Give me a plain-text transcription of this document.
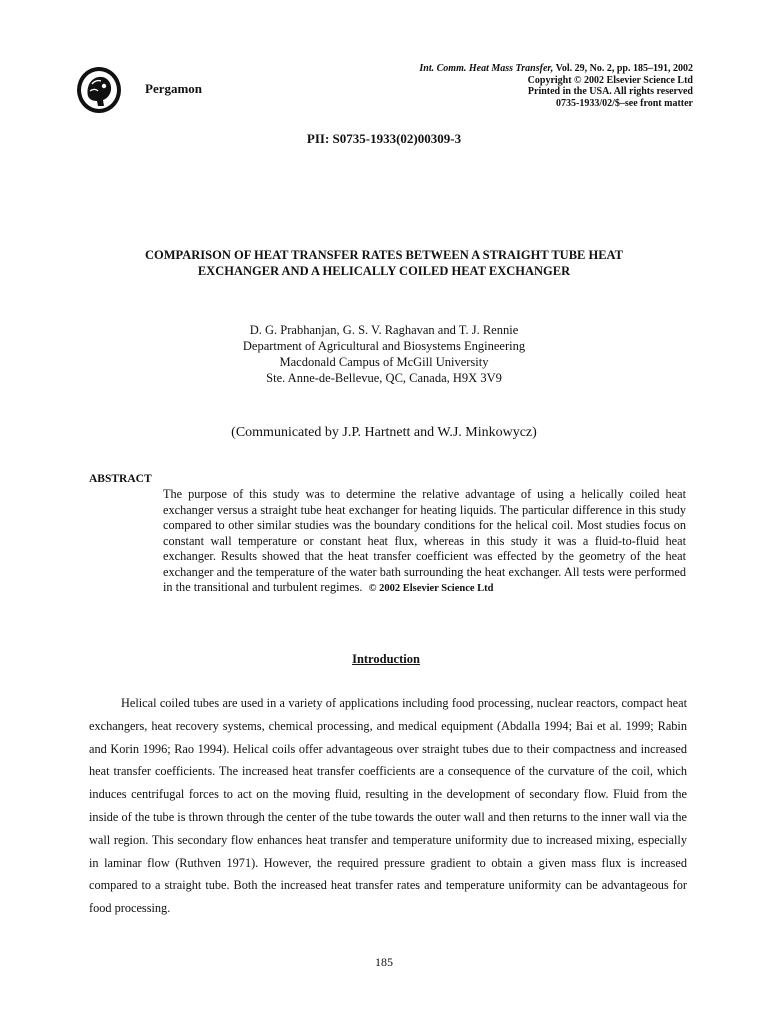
Pergamon
Int. Comm. Heat Mass Transfer, Vol. 29, No. 2, pp. 185–191, 2002
Copyright © 2002 Elsevier Science Ltd
Printed in the USA. All rights reserved
0735-1933/02/$–see front matter
PII: S0735-1933(02)00309-3
COMPARISON OF HEAT TRANSFER RATES BETWEEN A STRAIGHT TUBE HEAT
EXCHANGER AND A HELICALLY COILED HEAT EXCHANGER
D. G. Prabhanjan, G. S. V. Raghavan and T. J. Rennie
Department of Agricultural and Biosystems Engineering
Macdonald Campus of McGill University
Ste. Anne-de-Bellevue, QC, Canada, H9X 3V9
(Communicated by J.P. Hartnett and W.J. Minkowycz)
ABSTRACT
The purpose of this study was to determine the relative advantage of using a helically coiled heat exchanger versus a straight tube heat exchanger for heating liquids. The particular difference in this study compared to other similar studies was the boundary conditions for the helical coil. Most studies focus on constant wall temperature or constant heat flux, whereas in this study it was a fluid-to-fluid heat exchanger. Results showed that the heat transfer coefficient was effected by the geometry of the heat exchanger and the temperature of the water bath surrounding the heat exchanger. All tests were performed in the transitional and turbulent regimes. © 2002 Elsevier Science Ltd
Introduction

Helical coiled tubes are used in a variety of applications including food processing, nuclear reactors, compact heat exchangers, heat recovery systems, chemical processing, and medical equipment (Abdalla 1994; Bai et al. 1999; Rabin and Korin 1996; Rao 1994). Helical coils offer advantageous over straight tubes due to their compactness and increased heat transfer coefficients. The increased heat transfer coefficients are a consequence of the curvature of the coil, which induces centrifugal forces to act on the moving fluid, resulting in the development of secondary flow. Fluid from the inside of the tube is thrown through the center of the tube towards the outer wall and then returns to the inner wall via the wall region. This secondary flow enhances heat transfer and temperature uniformity due to increased mixing, especially in laminar flow (Ruthven 1971). However, the required pressure gradient to obtain a given mass flux is increased compared to a straight tube. Both the increased heat transfer rates and temperature uniformity can be advantageous for food processing.

185
